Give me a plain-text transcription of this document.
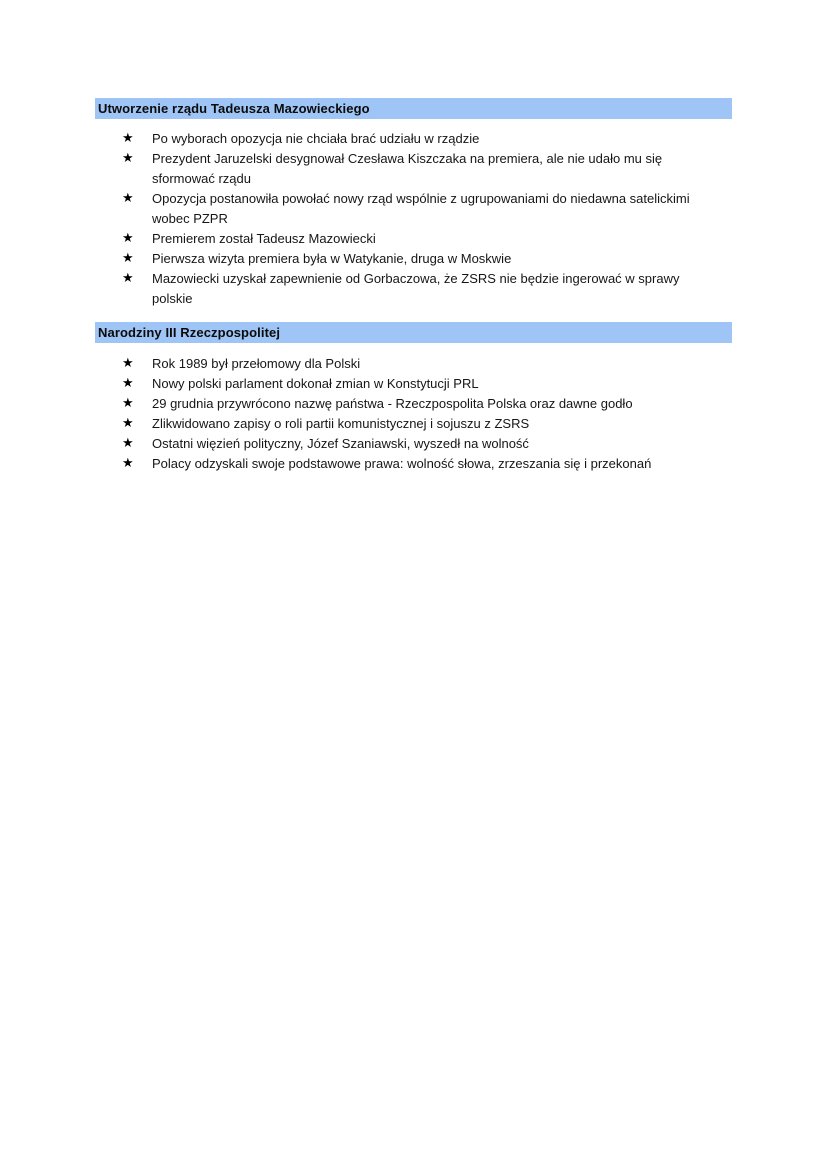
Utworzenie rządu Tadeusza Mazowieckiego
★ Po wyborach opozycja nie chciała brać udziału w rządzie
★ Prezydent Jaruzelski desygnował Czesława Kiszczaka na premiera, ale nie udało mu się sformować rządu
★ Opozycja postanowiła powołać nowy rząd wspólnie z ugrupowaniami do niedawna satelickimi wobec PZPR
★ Premierem został Tadeusz Mazowiecki
★ Pierwsza wizyta premiera była w Watykanie, druga w Moskwie
★ Mazowiecki uzyskał zapewnienie od Gorbaczowa, że ZSRS nie będzie ingerować w sprawy polskie
Narodziny III Rzeczpospolitej
★ Rok 1989 był przełomowy dla Polski
★ Nowy polski parlament dokonał zmian w Konstytucji PRL
★ 29 grudnia przywrócono nazwę państwa - Rzeczpospolita Polska oraz dawne godło
★ Zlikwidowano zapisy o roli partii komunistycznej i sojuszu z ZSRS
★ Ostatni więzień polityczny, Józef Szaniawski, wyszedł na wolność
★ Polacy odzyskali swoje podstawowe prawa: wolność słowa, zrzeszania się i przekonań
